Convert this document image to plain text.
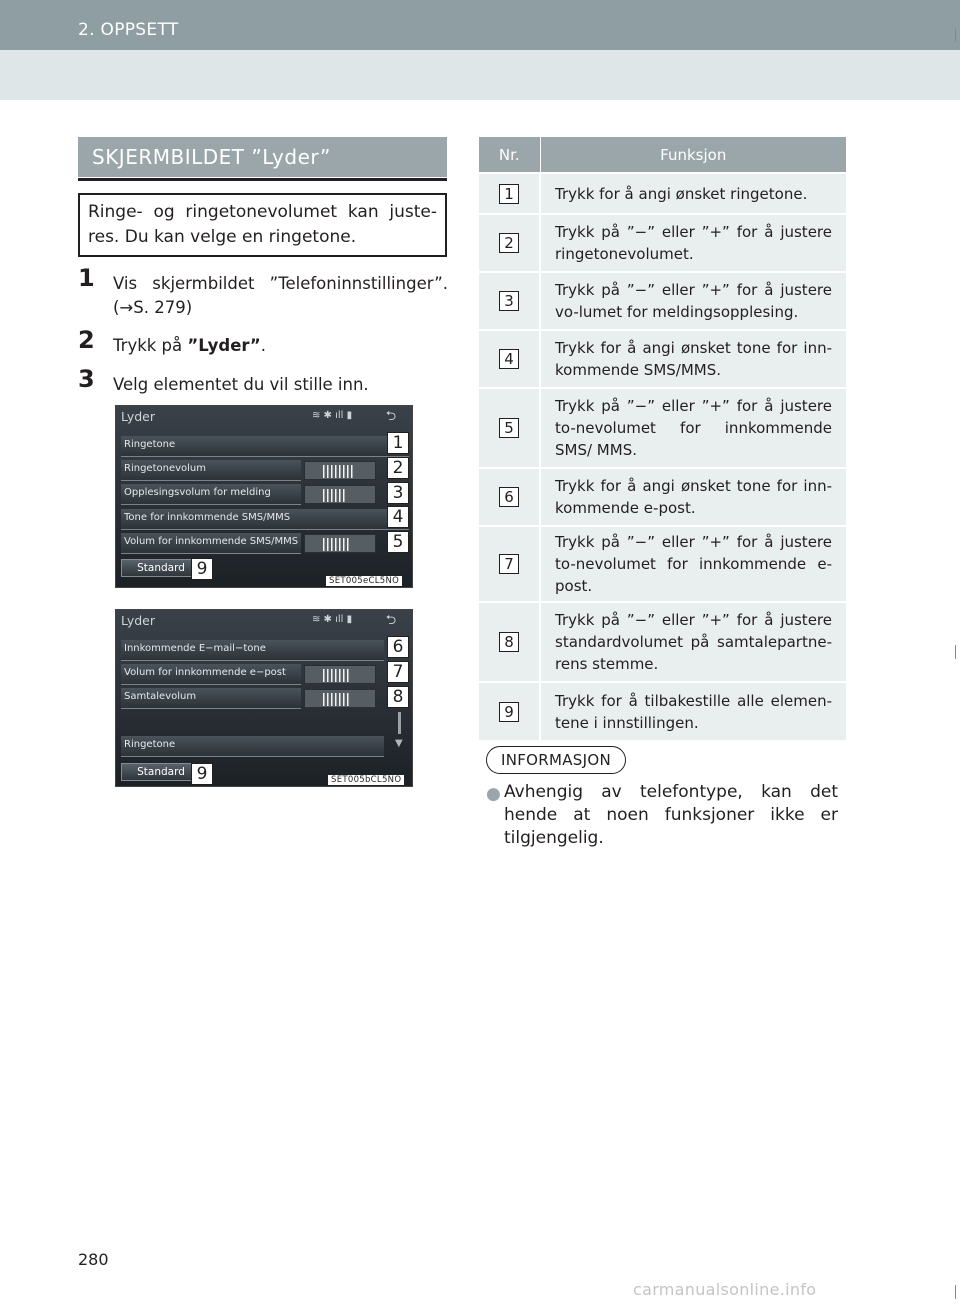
2. OPPSETT
SKJERMBILDET ”Lyder”
Ringe- og ringetonevolumet kan juste-res. Du kan velge en ringetone.
1	Vis skjermbildet ”Telefoninnstillinger”.
(→S. 279)
2	Trykk på ”Lyder”.
3	Velg elementet du vil stille inn.
Lyder	≋ ✱ ıll ▮	⮌
Ringetone
Ringetonevolum
Opplesingsvolum for melding
Tone for innkommende SMS/MMS
Volum for innkommende SMS/MMS
Standard
1
2
3
4
5
9
SET005eCL5NO
Lyder	≋ ✱ ıll ▮	⮌
Innkommende E−mail−tone
Volum for innkommende e−post
Samtalevolum
Ringetone	▼
Standard
6
7
8
9	SET005bCL5NO
Nr.	Funksjon
1	Trykk for å angi ønsket ringetone.
2	Trykk på ”−” eller ”+” for å justere ringetonevolumet.
3	Trykk på ”−” eller ”+” for å justere vo-lumet for meldingsopplesing.
4	Trykk for å angi ønsket tone for inn-kommende SMS/MMS.
5	Trykk på ”−” eller ”+” for å justere to-nevolumet for innkommende SMS/ MMS.
6	Trykk for å angi ønsket tone for inn-kommende e-post.
7	Trykk på ”−” eller ”+” for å justere to-nevolumet for innkommende e-post.
8	Trykk på ”−” eller ”+” for å justere standardvolumet på samtalepartne-rens stemme.
9	Trykk for å tilbakestille alle elemen-tene i innstillingen.
INFORMASJON
● Avhengig av telefontype, kan det hende at noen funksjoner ikke er tilgjengelig.
280
carmanualsonline.info
